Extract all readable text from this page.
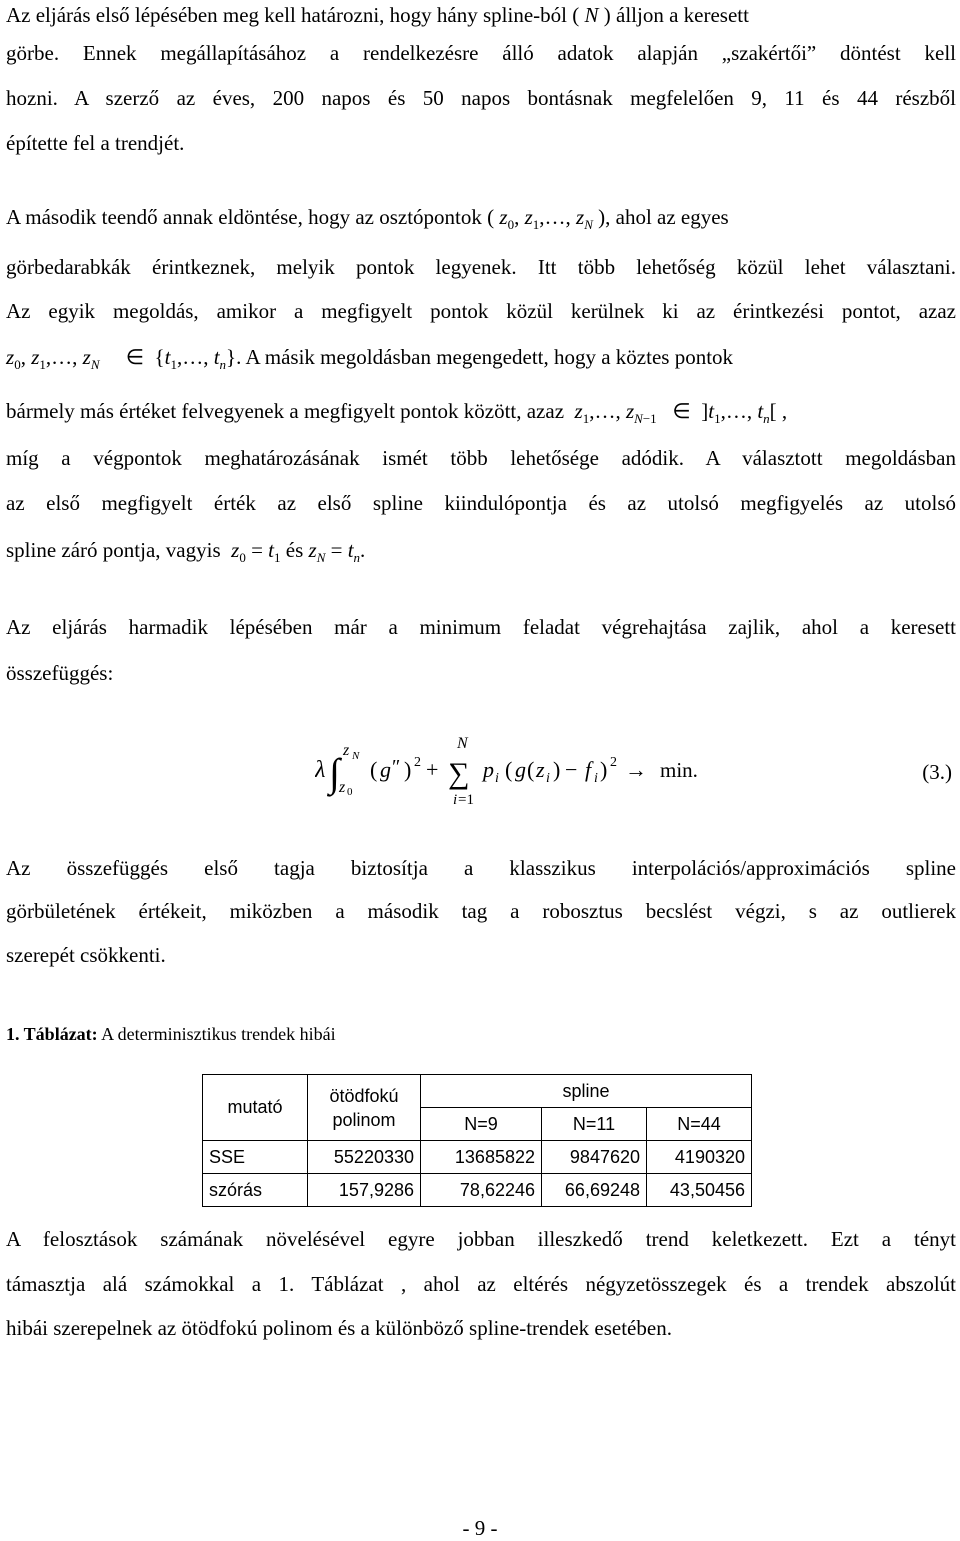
Az eljárás első lépésében meg kell határozni, hogy hány spline-ból ( N ) álljon a keresett
görbe. Ennek megállapításához a rendelkezésre álló adatok alapján „szakértői” döntést kell
hozni. A szerző az éves, 200 napos és 50 napos bontásnak megfelelően 9, 11 és 44 részből
építette fel a trendjét.
A második teendő annak eldöntése, hogy az osztópontok ( $z_0$, $z_1,\dots$, $z_N$ ), ahol az egyes
görbedarabkák érintkeznek, melyik pontok legyenek. Itt több lehetőség közül lehet választani.
Az egyik megoldás, amikor a megfigyelt pontok közül kerülnek ki az érintkezési pontot, azaz
$z_0$, $z_1,\dots$, $z_N$     ∈  {$t_1,\dots$, $t_n$}. A másik megoldásban megengedett, hogy a köztes pontok
bármely más értéket felvegyenek a megfigyelt pontok között, azaz $z_1,\dots$, $z_{N-1}$   ∈  ]$t_1,\dots$, $t_n$[ ,
míg a végpontok meghatározásának ismét több lehetősége adódik. A választott megoldásban
az első megfigyelt érték az első spline kiindulópontja és az utolsó megfigyelés az utolsó
spline záró pontja, vagyis $z_0 = t_1$ és $z_N = t_n$.
Az eljárás harmadik lépésében már a minimum feladat végrehajtása zajlik, ahol a keresett
összefüggés:
λ ∫ z N
z 0
( g ″ ) 2 +
N
∑
i =1
p i ( g ( z i ) − f i ) 2 → min.	(3.)
Az összefüggés első tagja biztosítja a klasszikus interpolációs/approximációs spline
görbületének értékeit, miközben a második tag a robosztus becslést végzi, s az outlierek
szerepét csökkenti.
1. Táblázat: A determinisztikus trendek hibái
mutató	ötödfokú polinom	spline		
		N=9	N=11	N=44
SSE	55220330	13685822	9847620	4190320
szórás	157,9286	78,62246	66,69248	43,50456
A felosztások számának növelésével egyre jobban illeszkedő trend keletkezett. Ezt a tényt
támasztja alá számokkal a 1. Táblázat , ahol az eltérés négyzetösszegek és a trendek abszolút
hibái szerepelnek az ötödfokú polinom és a különböző spline-trendek esetében.
- 9 -
